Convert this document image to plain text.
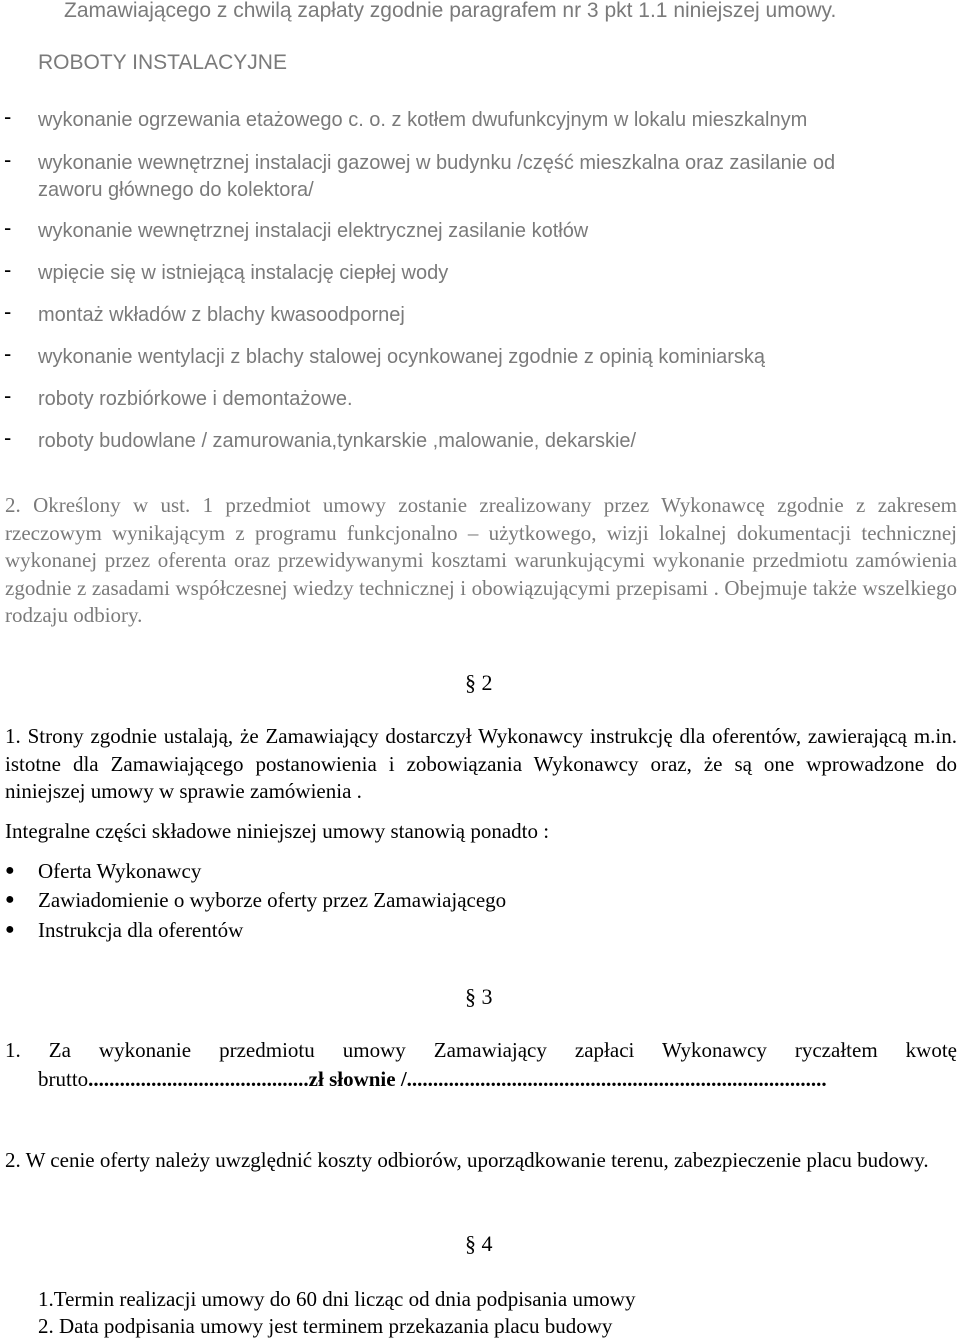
Zamawiającego z chwilą zapłaty zgodnie paragrafem nr 3 pkt 1.1 niniejszej umowy.
ROBOTY INSTALACYJNE
- wykonanie ogrzewania etażowego c. o. z kotłem dwufunkcyjnym w lokalu mieszkalnym
- wykonanie wewnętrznej instalacji gazowej w budynku /część mieszkalna oraz zasilanie od
zaworu głównego do kolektora/
- wykonanie wewnętrznej instalacji elektrycznej zasilanie kotłów
- wpięcie się w istniejącą instalację ciepłej wody
- montaż wkładów z blachy kwasoodpornej
- wykonanie wentylacji z blachy stalowej ocynkowanej zgodnie z opinią kominiarską
- roboty rozbiórkowe i demontażowe.
- roboty budowlane / zamurowania,tynkarskie ,malowanie, dekarskie/
2. Określony w ust. 1 przedmiot umowy zostanie zrealizowany przez Wykonawcę zgodnie z zakresem rzeczowym wynikającym z programu funkcjonalno – użytkowego, wizji lokalnej dokumentacji technicznej wykonanej przez oferenta oraz przewidywanymi kosztami warunkującymi wykonanie przedmiotu zamówienia zgodnie z zasadami współczesnej wiedzy technicznej i obowiązującymi przepisami . Obejmuje także wszelkiego rodzaju odbiory.
§ 2
1. Strony zgodnie ustalają, że Zamawiający dostarczył Wykonawcy instrukcję dla oferentów, zawierającą m.in. istotne dla Zamawiającego postanowienia i zobowiązania Wykonawcy oraz, że są one wprowadzone do niniejszej umowy w sprawie zamówienia .
Integralne części składowe niniejszej umowy stanowią ponadto :
● Oferta Wykonawcy
● Zawiadomienie o wyborze oferty przez Zamawiającego
● Instrukcja dla oferentów
§ 3
1. Za wykonanie przedmiotu umowy Zamawiający zapłaci Wykonawcy ryczałtem kwotę
brutto..........................................zł słownie /................................................................................
2. W cenie oferty należy uwzględnić koszty odbiorów, uporządkowanie terenu, zabezpieczenie placu budowy.
§ 4
1.Termin realizacji umowy do 60 dni licząc od dnia podpisania umowy
2. Data podpisania umowy jest terminem przekazania placu budowy
